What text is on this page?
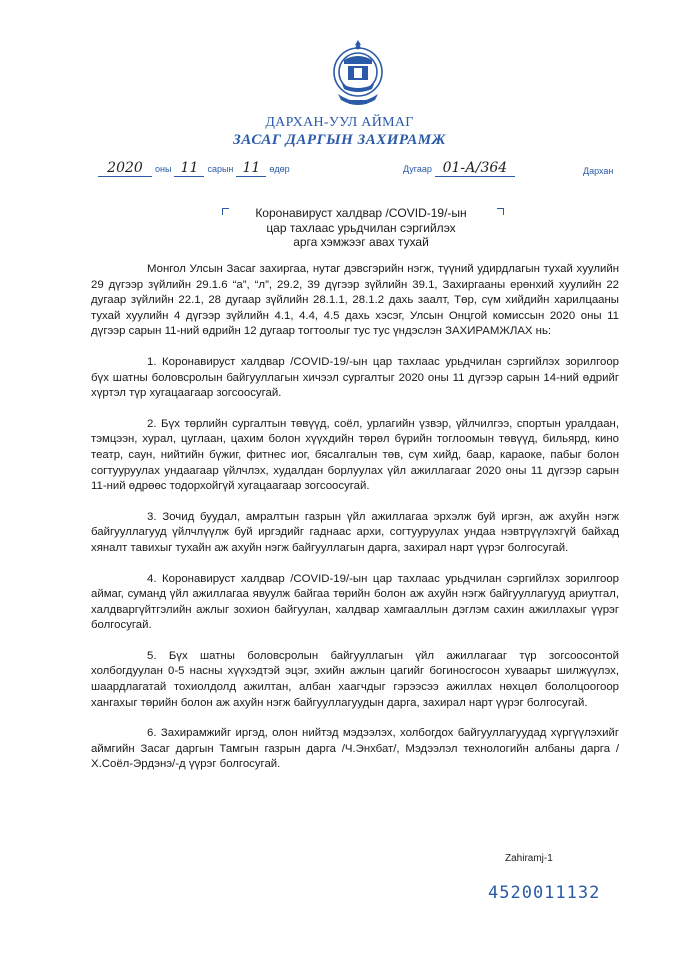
ДАРХАН-УУЛ АЙМАГ
ЗАСАГ ДАРГЫН ЗАХИРАМЖ
2020 оны 11 сарын 11 өдөр	Дугаар 01-А/364	Дархан
Коронавируст халдвар /COVID-19/-ын
цар тахлаас урьдчилан сэргийлэх
арга хэмжээг авах тухай

Монгол Улсын Засаг захиргаа, нутаг дэвсгэрийн нэгж, түүний удирдлагын тухай хуулийн 29 дүгээр зүйлийн 29.1.6 “а”, “л”, 29.2, 39 дүгээр зүйлийн 39.1, Захиргааны ерөнхий хуулийн 22 дугаар зүйлийн 22.1, 28 дугаар зүйлийн 28.1.1, 28.1.2 дахь заалт, Төр, сүм хийдийн харилцааны тухай хуулийн 4 дүгээр зүйлийн 4.1, 4.4, 4.5 дахь хэсэг, Улсын Онцгой комиссын 2020 оны 11 дүгээр сарын 11-ний өдрийн 12 дугаар тогтоолыг тус тус үндэслэн ЗАХИРАМЖЛАХ нь:

1. Коронавируст халдвар /COVID-19/-ын цар тахлаас урьдчилан сэргийлэх зорилгоор бүх шатны боловсролын байгууллагын хичээл сургалтыг 2020 оны 11 дүгээр сарын 14-ний өдрийг хүртэл түр хугацаагаар зогсоосугай.

2. Бүх төрлийн сургалтын төвүүд, соёл, урлагийн үзвэр, үйлчилгээ, спортын уралдаан, тэмцээн, хурал, цуглаан, цахим болон хүүхдийн төрөл бүрийн тоглоомын төвүүд, бильярд, кино театр, саун, нийтийн бүжиг, фитнес иог, бясалгалын төв, сүм хийд, баар, караоке, пабыг болон согтууруулах ундаагаар үйлчлэх, худалдан борлуулах үйл ажиллагааг 2020 оны 11 дүгээр сарын 11-ний өдрөөс тодорхойгүй хугацаагаар зогсоосугай.

3. Зочид буудал, амралтын газрын үйл ажиллагаа эрхэлж буй иргэн, аж ахуйн нэгж байгууллагууд үйлчлүүлж буй иргэдийг гаднаас архи, согтууруулах ундаа нэвтрүүлэхгүй байхад хяналт тавихыг тухайн аж ахуйн нэгж байгууллагын дарга, захирал нарт үүрэг болгосугай.

4. Коронавируст халдвар /COVID-19/-ын цар тахлаас урьдчилан сэргийлэх зорилгоор аймаг, суманд үйл ажиллагаа явуулж байгаа төрийн болон аж ахуйн нэгж байгууллагууд ариутгал, халдваргүйтгэлийн ажлыг зохион байгуулан, халдвар хамгааллын дэглэм сахин ажиллахыг үүрэг болгосугай.

5. Бүх шатны боловсролын байгууллагын үйл ажиллагааг түр зогсоосонтой холбогдуулан 0-5 насны хүүхэдтэй эцэг, эхийн ажлын цагийг богиносгосон хуваарьт шилжүүлэх, шаардлагатай тохиолдолд ажилтан, албан хаагчдыг гэрээсээ ажиллах нөхцөл бололцоогоор хангахыг төрийн болон аж ахуйн нэгж байгууллагуудын дарга, захирал нарт үүрэг болгосугай.

6. Захирамжийг иргэд, олон нийтэд мэдээлэх, холбогдох байгууллагуудад хүргүүлэхийг аймгийн Засаг даргын Тамгын газрын дарга /Ч.Энхбат/, Мэдээлэл технологийн албаны дарга /Х.Соёл-Эрдэнэ/-д үүрэг болгосугай.

Zahiramj-1
4520011132
